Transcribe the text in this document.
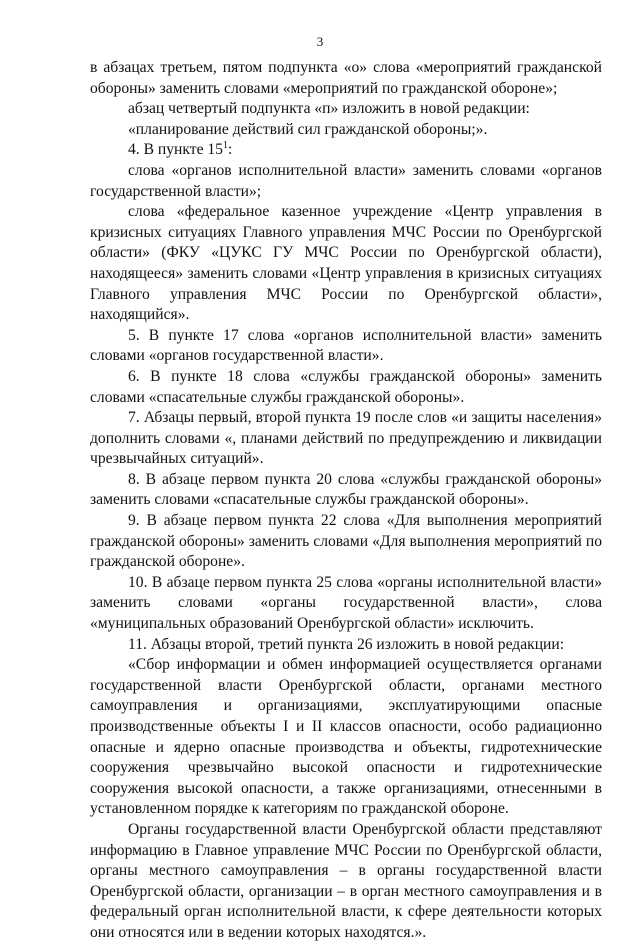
3

в абзацах третьем, пятом подпункта «о» слова «мероприятий гражданской обороны» заменить словами «мероприятий по гражданской обороне»;

абзац четвертый подпункта «п» изложить в новой редакции:

«планирование действий сил гражданской обороны;».

4. В пункте $15^1$:

слова «органов исполнительной власти» заменить словами «органов государственной власти»;

слова «федеральное казенное учреждение «Центр управления в кризисных ситуациях Главного управления МЧС России по Оренбургской области» (ФКУ «ЦУКС ГУ МЧС России по Оренбургской области), находящееся» заменить словами «Центр управления в кризисных ситуациях Главного управления МЧС России по Оренбургской области», находящийся».

5. В пункте 17 слова «органов исполнительной власти» заменить словами «органов государственной власти».

6. В пункте 18 слова «службы гражданской обороны» заменить словами «спасательные службы гражданской обороны».

7. Абзацы первый, второй пункта 19 после слов «и защиты населения» дополнить словами «, планами действий по предупреждению и ликвидации чрезвычайных ситуаций».

8. В абзаце первом пункта 20 слова «службы гражданской обороны» заменить словами «спасательные службы гражданской обороны».

9. В абзаце первом пункта 22 слова «Для выполнения мероприятий гражданской обороны» заменить словами «Для выполнения мероприятий по гражданской обороне».

10. В абзаце первом пункта 25 слова «органы исполнительной власти» заменить словами «органы государственной власти», слова «муниципальных образований Оренбургской области» исключить.

11. Абзацы второй, третий пункта 26 изложить в новой редакции:

«Сбор информации и обмен информацией осуществляется органами государственной власти Оренбургской области, органами местного самоуправления и организациями, эксплуатирующими опасные производственные объекты I и II классов опасности, особо радиационно опасные и ядерно опасные производства и объекты, гидротехнические сооружения чрезвычайно высокой опасности и гидротехнические сооружения высокой опасности, а также организациями, отнесенными в установленном порядке к категориям по гражданской обороне.

Органы государственной власти Оренбургской области представляют информацию в Главное управление МЧС России по Оренбургской области, органы местного самоуправления – в органы государственной власти Оренбургской области, организации – в орган местного самоуправления и в федеральный орган исполнительной власти, к сфере деятельности которых они относятся или в ведении которых находятся.».
